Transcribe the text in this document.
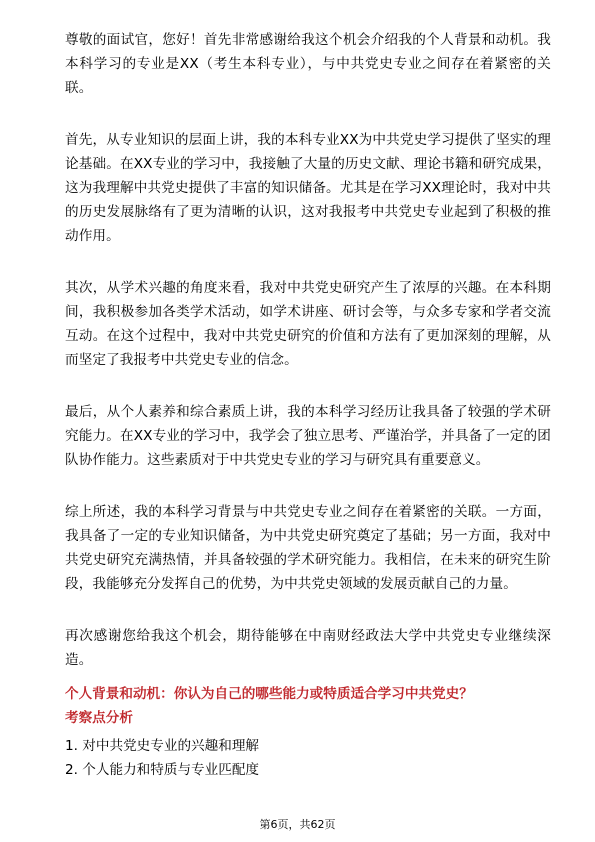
尊敬的面试官，您好！首先非常感谢给我这个机会介绍我的个人背景和动机。我本科学习的专业是XX（考生本科专业），与中共党史专业之间存在着紧密的关联。

首先，从专业知识的层面上讲，我的本科专业XX为中共党史学习提供了坚实的理论基础。在XX专业的学习中，我接触了大量的历史文献、理论书籍和研究成果，这为我理解中共党史提供了丰富的知识储备。尤其是在学习XX理论时，我对中共的历史发展脉络有了更为清晰的认识，这对我报考中共党史专业起到了积极的推动作用。

其次，从学术兴趣的角度来看，我对中共党史研究产生了浓厚的兴趣。在本科期间，我积极参加各类学术活动，如学术讲座、研讨会等，与众多专家和学者交流互动。在这个过程中，我对中共党史研究的价值和方法有了更加深刻的理解，从而坚定了我报考中共党史专业的信念。

最后，从个人素养和综合素质上讲，我的本科学习经历让我具备了较强的学术研究能力。在XX专业的学习中，我学会了独立思考、严谨治学，并具备了一定的团队协作能力。这些素质对于中共党史专业的学习与研究具有重要意义。

综上所述，我的本科学习背景与中共党史专业之间存在着紧密的关联。一方面，我具备了一定的专业知识储备，为中共党史研究奠定了基础；另一方面，我对中共党史研究充满热情，并具备较强的学术研究能力。我相信，在未来的研究生阶段，我能够充分发挥自己的优势，为中共党史领域的发展贡献自己的力量。

再次感谢您给我这个机会，期待能够在中南财经政法大学中共党史专业继续深造。

个人背景和动机：你认为自己的哪些能力或特质适合学习中共党史？

考察点分析

1. 对中共党史专业的兴趣和理解

2. 个人能力和特质与专业匹配度

第6页，共62页
